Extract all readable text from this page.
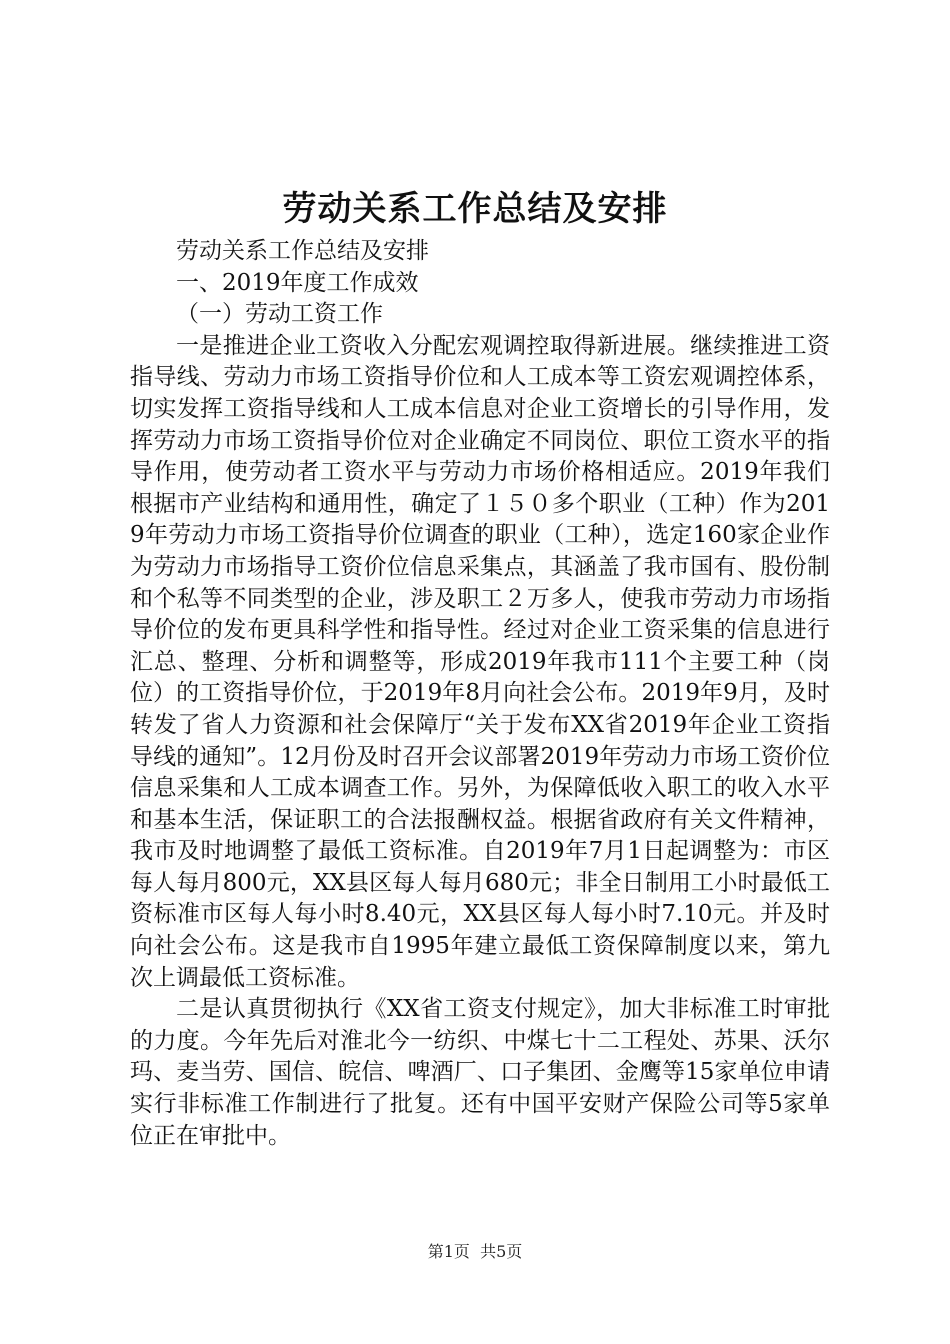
劳动关系工作总结及安排

劳动关系工作总结及安排

一、2019年度工作成效

（一）劳动工资工作

一是推进企业工资收入分配宏观调控取得新进展。继续推进工资指导线、劳动力市场工资指导价位和人工成本等工资宏观调控体系，切实发挥工资指导线和人工成本信息对企业工资增长的引导作用，发挥劳动力市场工资指导价位对企业确定不同岗位、职位工资水平的指导作用，使劳动者工资水平与劳动力市场价格相适应。2019年我们根据市产业结构和通用性，确定了１５０多个职业（工种）作为2019年劳动力市场工资指导价位调查的职业（工种），选定160家企业作为劳动力市场指导工资价位信息采集点，其涵盖了我市国有、股份制和个私等不同类型的企业，涉及职工２万多人，使我市劳动力市场指导价位的发布更具科学性和指导性。经过对企业工资采集的信息进行汇总、整理、分析和调整等，形成2019年我市111个主要工种（岗位）的工资指导价位，于2019年8月向社会公布。2019年9月，及时转发了省人力资源和社会保障厅“关于发布XX省2019年企业工资指导线的通知”。12月份及时召开会议部署2019年劳动力市场工资价位信息采集和人工成本调查工作。另外，为保障低收入职工的收入水平和基本生活，保证职工的合法报酬权益。根据省政府有关文件精神，我市及时地调整了最低工资标准。自2019年7月1日起调整为：市区每人每月800元，XX县区每人每月680元；非全日制用工小时最低工资标准市区每人每小时8.40元，XX县区每人每小时7.10元。并及时向社会公布。这是我市自1995年建立最低工资保障制度以来，第九次上调最低工资标准。

二是认真贯彻执行《XX省工资支付规定》，加大非标准工时审批的力度。今年先后对淮北今一纺织、中煤七十二工程处、苏果、沃尔玛、麦当劳、国信、皖信、啤酒厂、口子集团、金鹰等15家单位申请实行非标准工作制进行了批复。还有中国平安财产保险公司等5家单位正在审批中。

第1页  共5页
